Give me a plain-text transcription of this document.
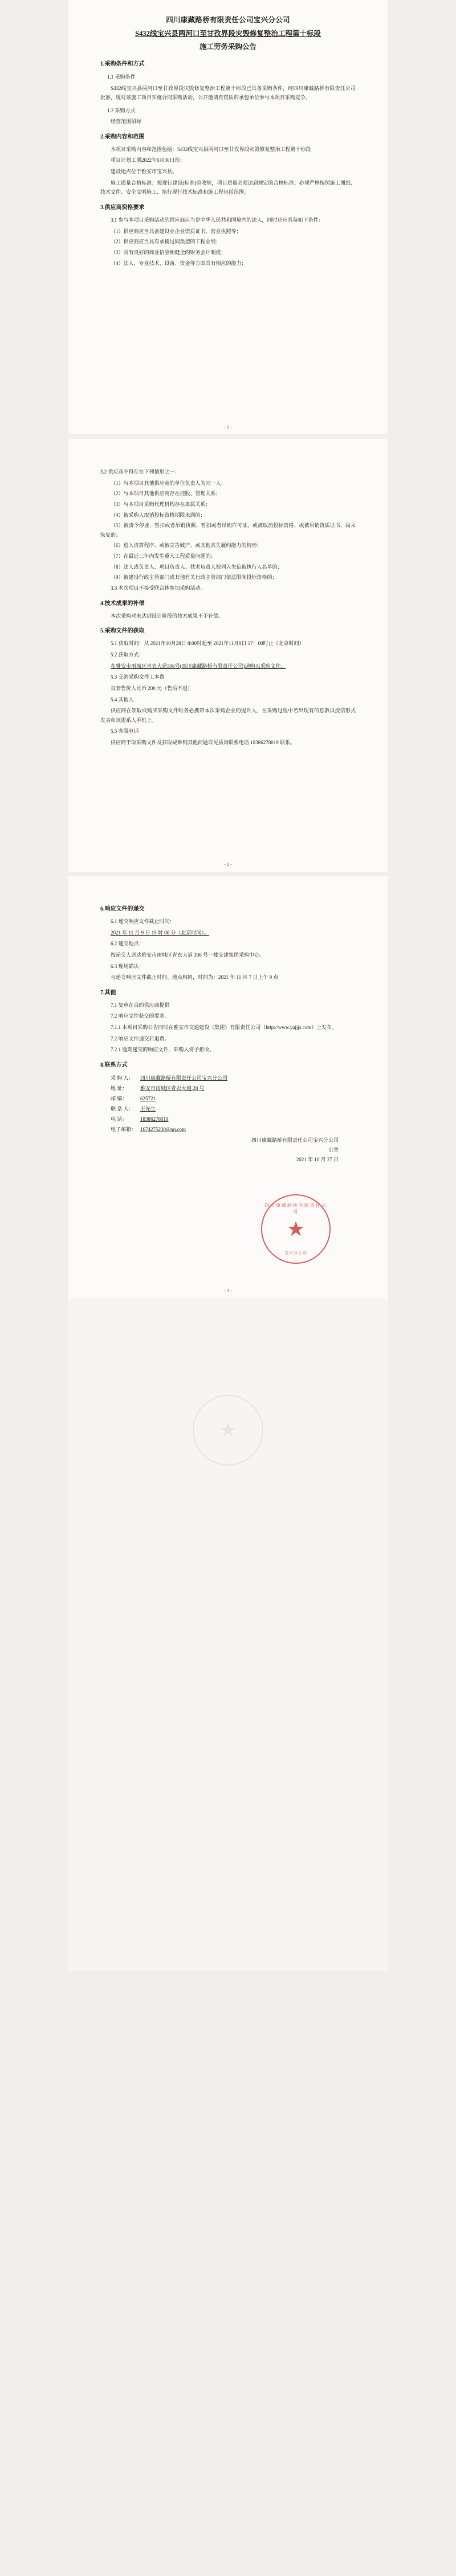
四川康藏路桥有限责任公司宝兴分公司
S432线宝兴县两河口至甘孜界段灾毁修复整治工程第十标段
施工劳务采购公告
1.采购条件和方式
1.1 采购条件

S432线宝兴县两河口至甘孜界段灾毁修复整治工程第十标段已具备采购条件，经四川康藏路桥有限责任公司批准，现对该施工项目实施合同采购活动，公开邀请有资质的承包单位参与本项目采购竞争。

1.2 采购方式

经营范围招标

2.采购内容和范围

本项目采购内容和范围包括：S432线宝兴县两河口至甘孜界段灾毁修复整治工程第十标段

项目计划工期2022年6月30日前；

建设地点位于雅安市宝兴县。

施工质量合格标准；按现行建设(标准)验收规，项目质量必须达到规定的合格标准；必须严格按照施工图纸、技术文件、安全文明施工、执行现行技术标准和施工程包括范围。

3.供应商资格要求

3.1 参与本项目采购活动的供应商应当是中华人民共和国境内的法人，同时还应具备如下条件：

（1）供应商应当具备建设业企业资质证书、营业执照等；

（2）供应商应当具有承揽过同类型的工程业绩；

（3）具有良好的商业信誉和健全的财务会计制度；

（4）法人、专业技术、设备、资金等方面具有相应的能力；

- 1 -

3.2 供应商不得存在下列情形之一：

（1）与本项目其他供应商的单位负责人为同一人；

（2）与本项目其他供应商存在控股、管理关系；

（3）与本项目采购代理机构存在隶属关系；

（4）被采购人取消投标资格期限未满的；

（5）被责令停业、暂扣或者吊销执照、暂扣或者吊销许可证，或被取消投标资格、或被吊销资质证书，尚未恢复的；

（6）进入清算程序、或被宣告破产、或其他丧失履约能力的情形；

（7）在最近三年内发生重大工程质量问题的；

（8）法人或负责人、项目负责人、技术负责人被列入失信被执行人名单的；

（9）被建设行政主管部门或其他有关行政主管部门依法限制投标资格的；

3.3 本次项目不接受联合体参加采购活动。

4.技术成果的补偿

本次采购对未达到设计阶段的技术成果不予补偿。

5.采购文件的获取

5.1 获取时间：从 2021年10月28日 8:00时起至 2021年11月8日 17：00时止（北京时间）

5.2 获取方式：

在雅安市雨城区青衣大道306号(西川康藏路桥有限责任公司)递购买采购文件。

5.3 交纳采购文件工本费

每套售价人民币 200 元（售后不退）

5.4 其他人

供应商在领取或购买采购文件时务必携带本次采购企业的提升人，在采购过程中若出现有信息教以授信形式发表和该提系人手机上。

5.5 客服电话

供应商于取采购文件及获取疑难到其他问题详见质询联系电话 18386278019 联系。

- 2 -
6.响应文件的递交

6.1 递交响应文件截止时间：

2021 年 11 月 9 日 15 时 00 分（北京时间）。

6.2 递交地点：

按递交人送达雅安市雨城区青衣大道 306 号一楼交建集团采购中心。

6.3 现场确认：

与递交响应文件截止时间、地点相同，时间为：2021 年 11 月 7 日上午 9 点

7.其他

7.1 复审在合的供应商提供

7.2 响应文件获交的要求。

7.1.1 本项目采购公告同时在雅安市交通建设（集团）有限责任公司（http://www.yajjjs.com）上发布。

7.2 响应文件递交后退费。

7.2.1 逾期递交的响应文件，采购人将予拒收。

8.联系方式
采 购 人：	四川康藏路桥有限责任公司宝兴分公司
地 址：	雅安市雨城区青衣大道 28 号
邮 编：	625721
联 系 人：	王先生
电 话：	18386278019
电子邮箱： 1674275230@qq.com
四川康藏路桥有限责任公司宝兴分公司
公章
2021 年 10 月 27 日
四川康藏路桥有限责任公司
★
宝兴分公司
- 3 -
★
